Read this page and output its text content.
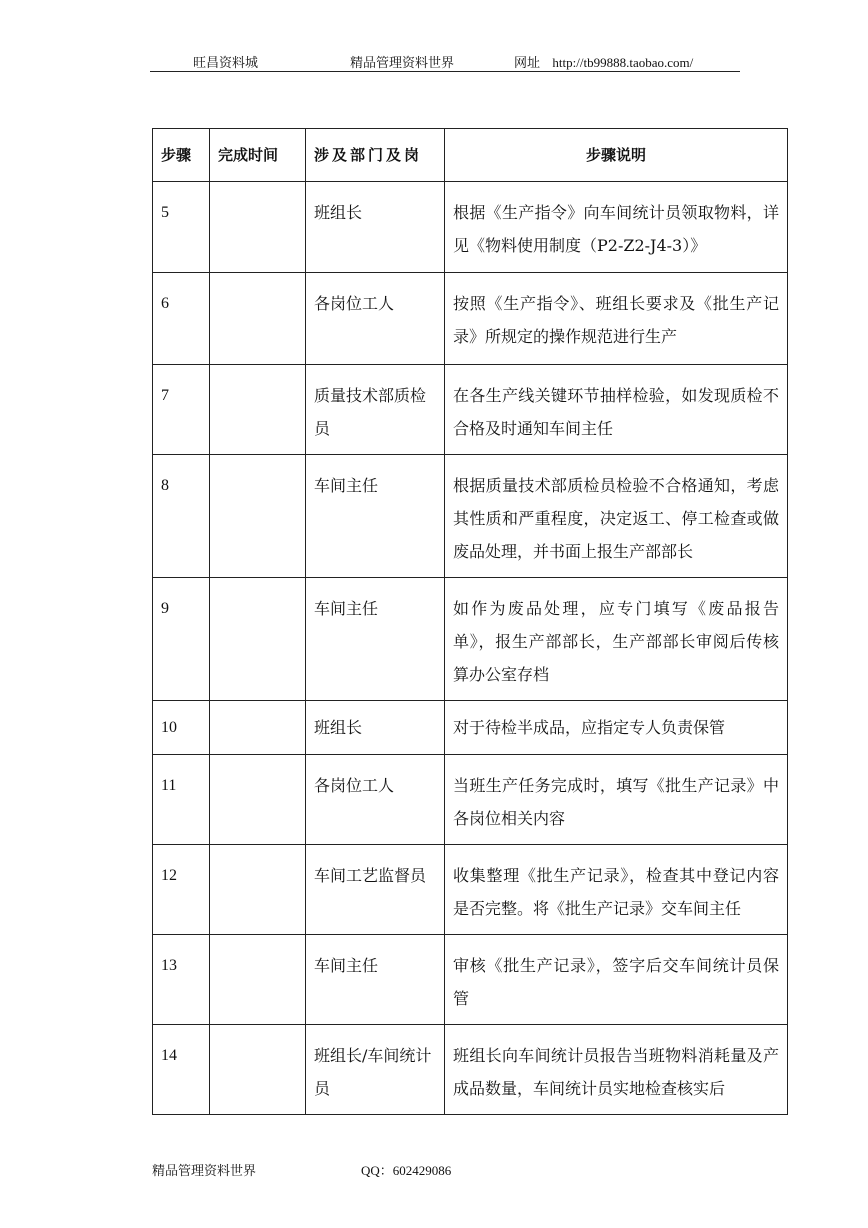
旺昌资料城	精品管理资料世界	网址 http://tb99888.taobao.com/
步骤	完成时间	涉及部门及岗	步骤说明
5		班组长	根据《生产指令》向车间统计员领取物料，详见《物料使用制度（P2-Z2-J4-3）》
6		各岗位工人	按照《生产指令》、班组长要求及《批生产记录》所规定的操作规范进行生产
7		质量技术部质检员	在各生产线关键环节抽样检验，如发现质检不合格及时通知车间主任
8		车间主任	根据质量技术部质检员检验不合格通知，考虑其性质和严重程度，决定返工、停工检查或做废品处理，并书面上报生产部部长
9		车间主任	如作为废品处理，应专门填写《废品报告单》，报生产部部长，生产部部长审阅后传核算办公室存档
10		班组长	对于待检半成品，应指定专人负责保管
11		各岗位工人	当班生产任务完成时，填写《批生产记录》中各岗位相关内容
12		车间工艺监督员	收集整理《批生产记录》，检查其中登记内容是否完整。将《批生产记录》交车间主任
13		车间主任	审核《批生产记录》，签字后交车间统计员保管
14		班组长/车间统计员	班组长向车间统计员报告当班物料消耗量及产成品数量，车间统计员实地检查核实后
精品管理资料世界	QQ：602429086
